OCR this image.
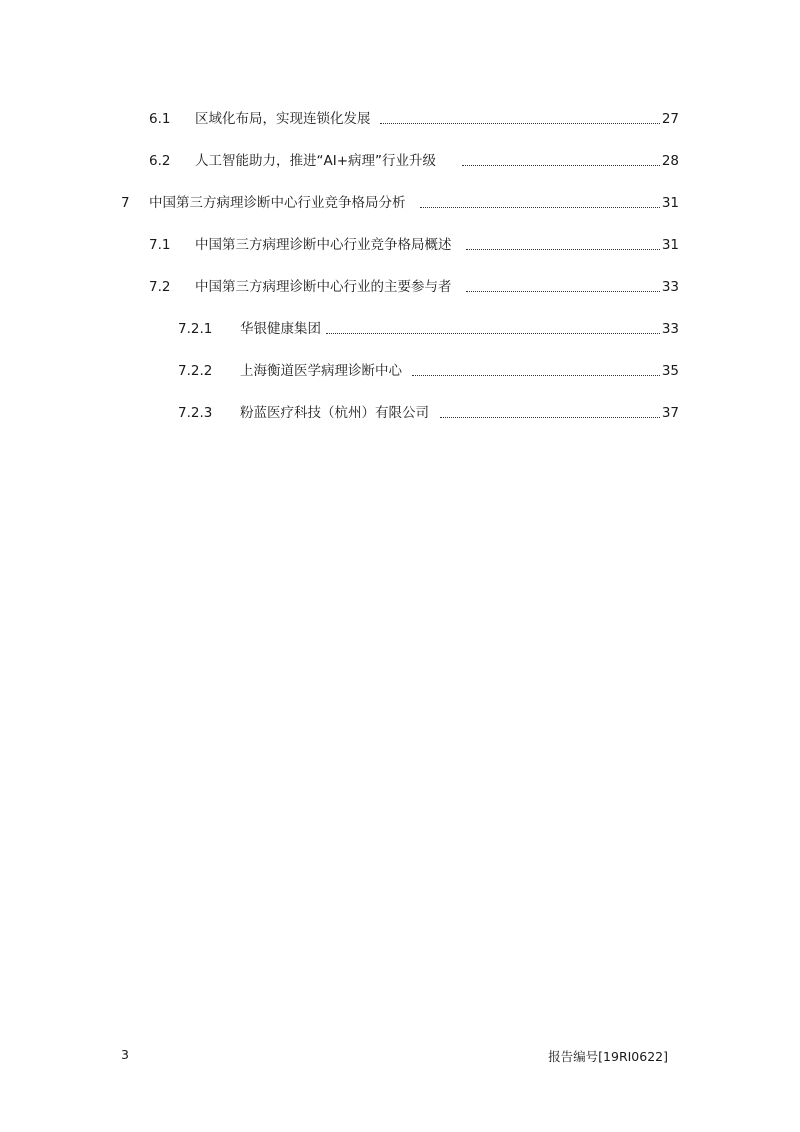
6.1 区域化布局，实现连锁化发展	27
6.2 人工智能助力，推进“AI+病理”行业升级	28
7 中国第三方病理诊断中心行业竞争格局分析	31
7.1 中国第三方病理诊断中心行业竞争格局概述	31
7.2 中国第三方病理诊断中心行业的主要参与者	33
7.2.1 华银健康集团	33
7.2.2 上海衡道医学病理诊断中心	35
7.2.3 粉蓝医疗科技（杭州）有限公司	37
3	报告编号[19RI0622]
